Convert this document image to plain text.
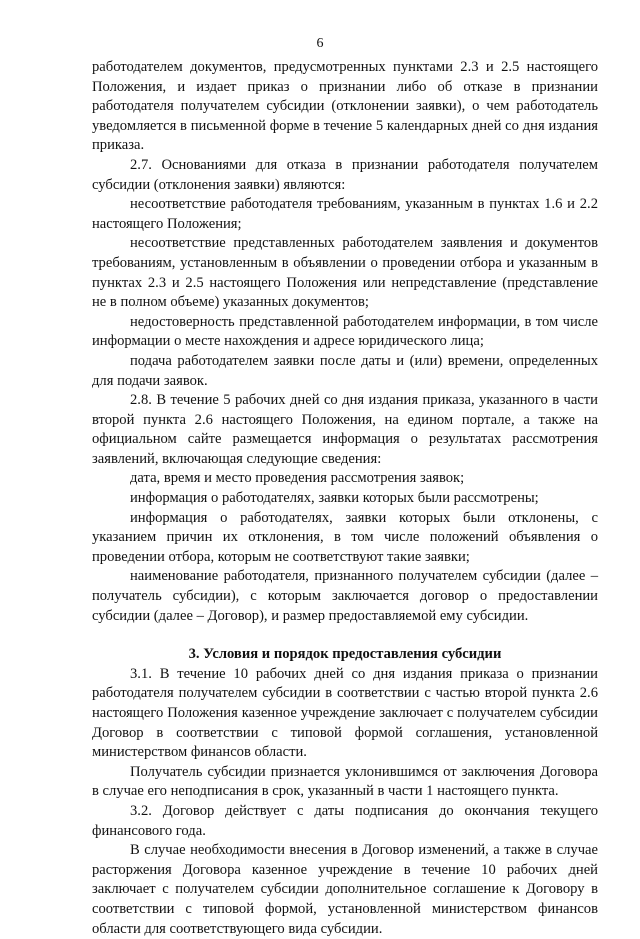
6

работодателем документов, предусмотренных пунктами 2.3 и 2.5 настоящего Положения, и издает приказ о признании либо об отказе в признании работодателя получателем субсидии (отклонении заявки), о чем работодатель уведомляется в письменной форме в течение 5 календарных дней со дня издания приказа.

2.7. Основаниями для отказа в признании работодателя получателем субсидии (отклонения заявки) являются:

несоответствие работодателя требованиям, указанным в пунктах 1.6 и 2.2 настоящего Положения;

несоответствие представленных работодателем заявления и документов требованиям, установленным в объявлении о проведении отбора и указанным в пунктах 2.3 и 2.5 настоящего Положения или непредставление (представление не в полном объеме) указанных документов;

недостоверность представленной работодателем информации, в том числе информации о месте нахождения и адресе юридического лица;

подача работодателем заявки после даты и (или) времени, определенных для подачи заявок.

2.8. В течение 5 рабочих дней со дня издания приказа, указанного в части второй пункта 2.6 настоящего Положения, на едином портале, а также на официальном сайте размещается информация о результатах рассмотрения заявлений, включающая следующие сведения:

дата, время и место проведения рассмотрения заявок;

информация о работодателях, заявки которых были рассмотрены;

информация о работодателях, заявки которых были отклонены, с указанием причин их отклонения, в том числе положений объявления о проведении отбора, которым не соответствуют такие заявки;

наименование работодателя, признанного получателем субсидии (далее – получатель субсидии), с которым заключается договор о предоставлении субсидии (далее – Договор), и размер предоставляемой ему субсидии.

3. Условия и порядок предоставления субсидии

3.1. В течение 10 рабочих дней со дня издания приказа о признании работодателя получателем субсидии в соответствии с частью второй пункта 2.6 настоящего Положения казенное учреждение заключает с получателем субсидии Договор в соответствии с типовой формой соглашения, установленной министерством финансов области.

Получатель субсидии признается уклонившимся от заключения Договора в случае его неподписания в срок, указанный в части 1 настоящего пункта.

3.2. Договор действует с даты подписания до окончания текущего финансового года.

В случае необходимости внесения в Договор изменений, а также в случае расторжения Договора казенное учреждение в течение 10 рабочих дней заключает с получателем субсидии дополнительное соглашение к Договору в соответствии с типовой формой, установленной министерством финансов области для соответствующего вида субсидии.
